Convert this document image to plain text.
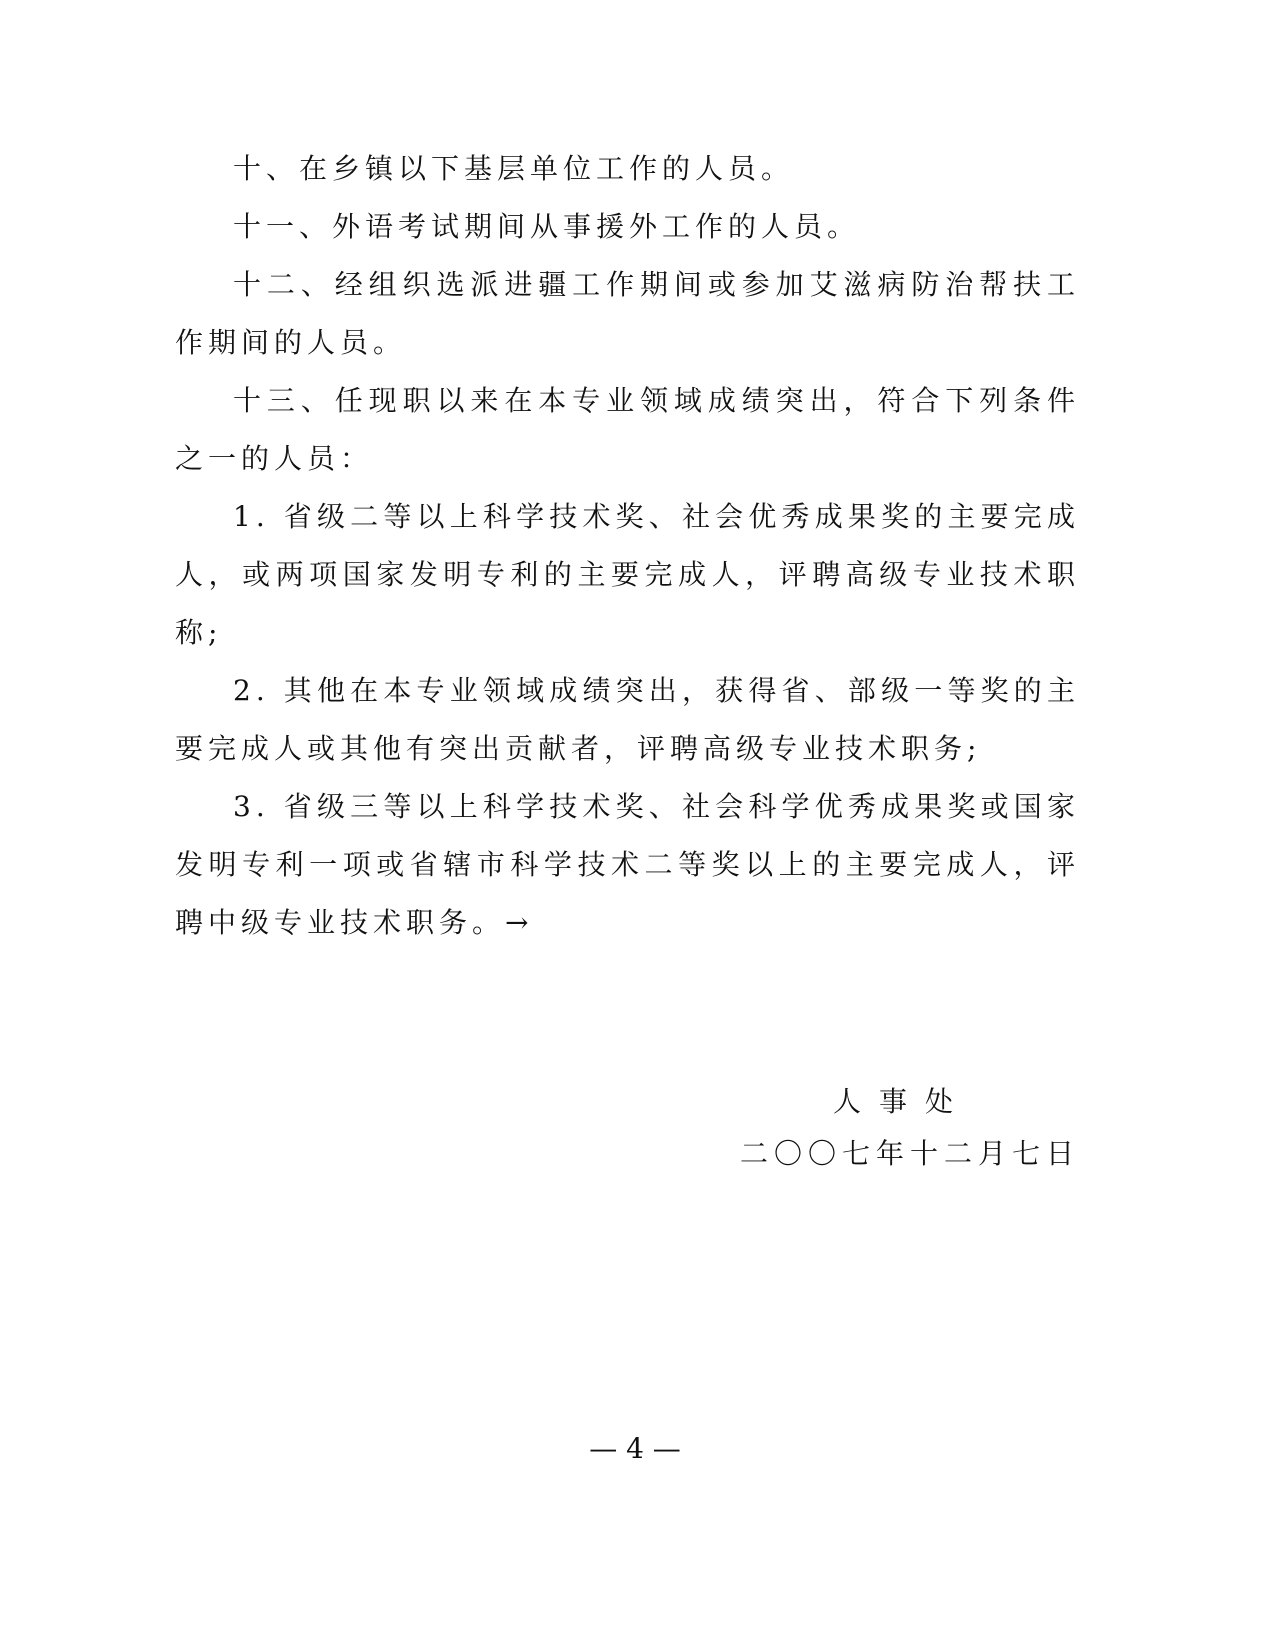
十、在乡镇以下基层单位工作的人员。

十一、外语考试期间从事援外工作的人员。

十二、经组织选派进疆工作期间或参加艾滋病防治帮扶工作期间的人员。

十三、任现职以来在本专业领域成绩突出，符合下列条件之一的人员：

1. 省级二等以上科学技术奖、社会优秀成果奖的主要完成人，或两项国家发明专利的主要完成人，评聘高级专业技术职称;

2. 其他在本专业领域成绩突出，获得省、部级一等奖的主要完成人或其他有突出贡献者，评聘高级专业技术职务;

3. 省级三等以上科学技术奖、社会科学优秀成果奖或国家发明专利一项或省辖市科学技术二等奖以上的主要完成人，评聘中级专业技术职务。→

人事处
二〇〇七年十二月七日
— 4 —
